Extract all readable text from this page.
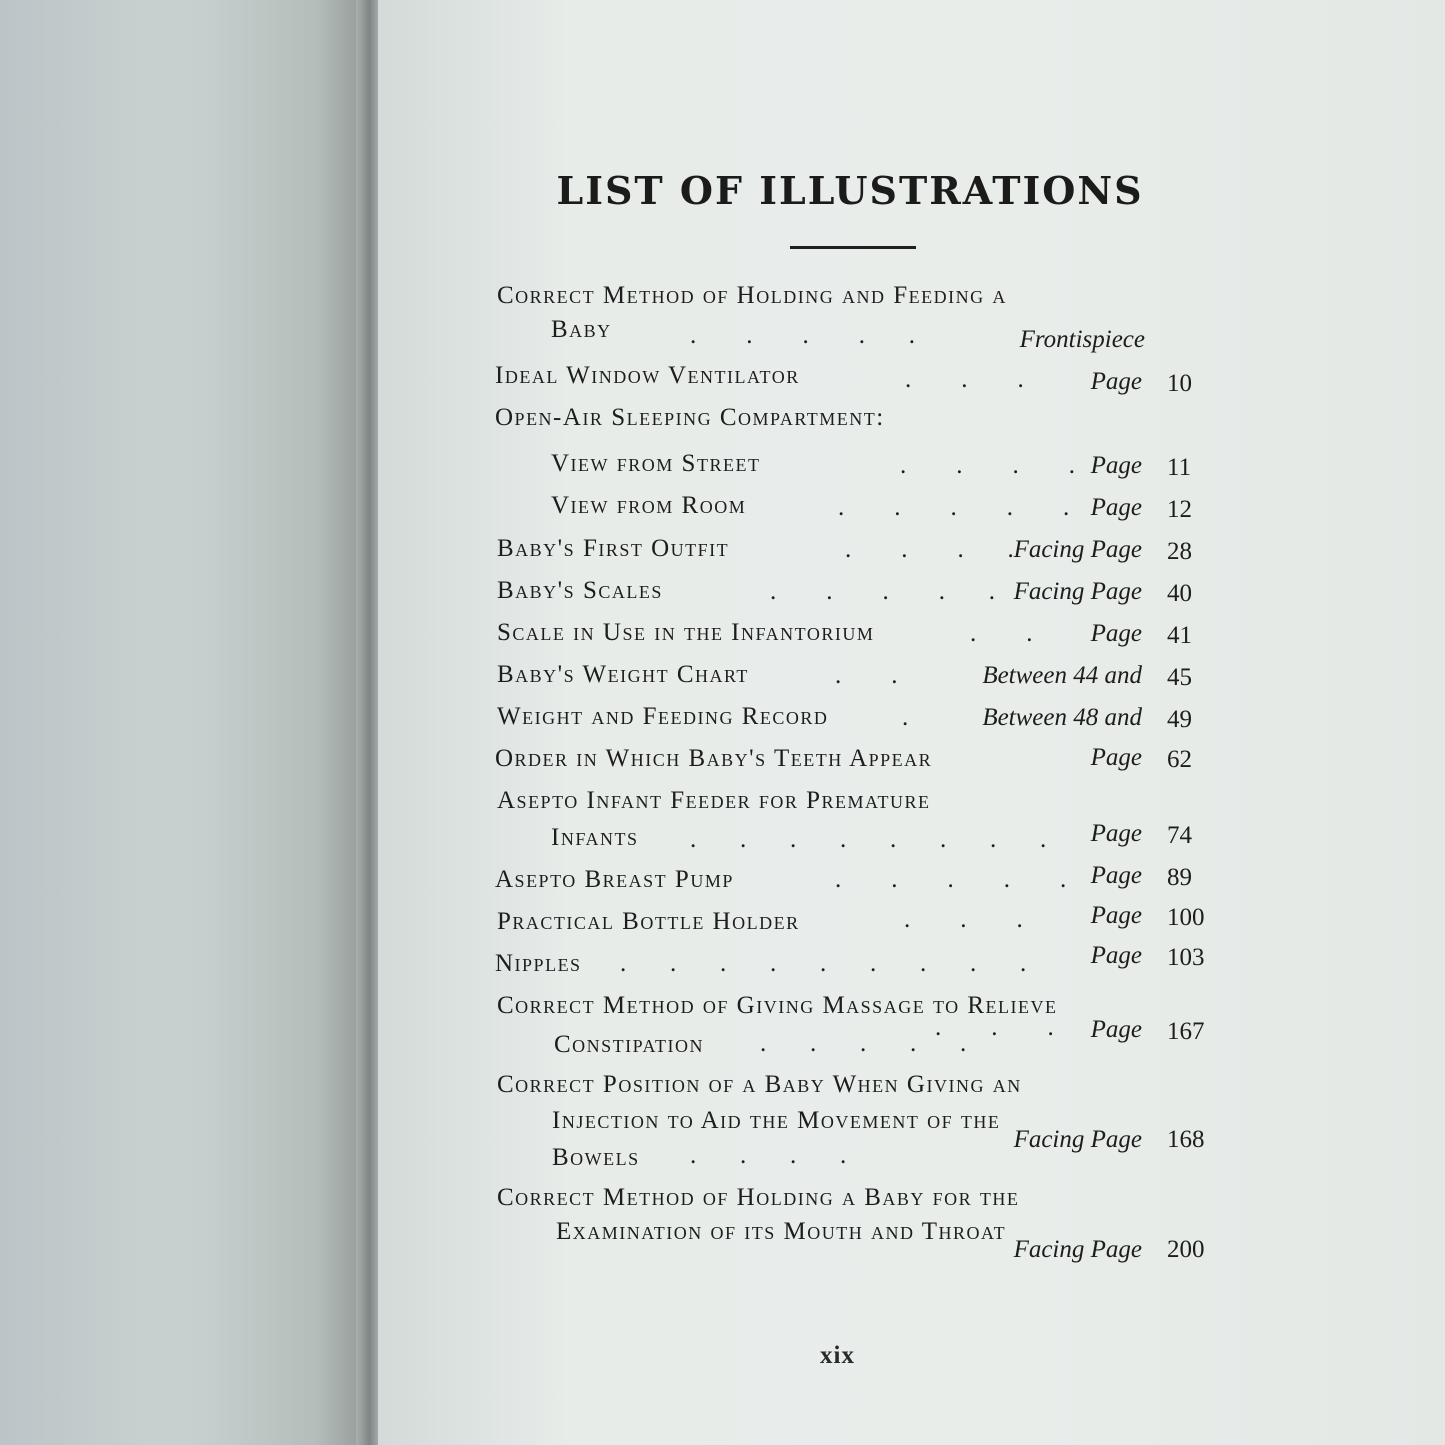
LIST OF ILLUSTRATIONS
Correct Method of Holding and Feeding a
Baby	.        .        .        .       .	Frontispiece
Ideal Window Ventilator	.        .        .	Page 10
Open-Air Sleeping Compartment:
View from Street	.        .        .        . Page 11
View from Room	.        .        .        .        . Page 12
Baby's First Outfit	.        .        .       . Facing Page 28
Baby's Scales	.        .        .        .       . Facing Page 40
Scale in Use in the Infantorium	.        . Page 41
Baby's Weight Chart	.        .	Between 44 and 45
Weight and Feeding Record	.	Between 48 and 49
Order in Which Baby's Teeth Appear	Page 62
Asepto Infant Feeder for Premature
Infants .       .       .       .       .       .       .       . Page 74
Asepto Breast Pump	.        .        .        .        . Page 89
Practical Bottle Holder	.        .        .	Page 100
Nipples .       .       .       .       .       .       .       .       .	Page 103
Correct Method of Giving Massage to Relieve
Constipation .       .       .       .       .
.        .        . Page 167
Correct Position of a Baby When Giving an
Injection to Aid the Movement of the
Bowels .       .       .       .
Facing Page 168
Correct Method of Holding a Baby for the
Examination of its Mouth and Throat
Facing Page 200
xix
